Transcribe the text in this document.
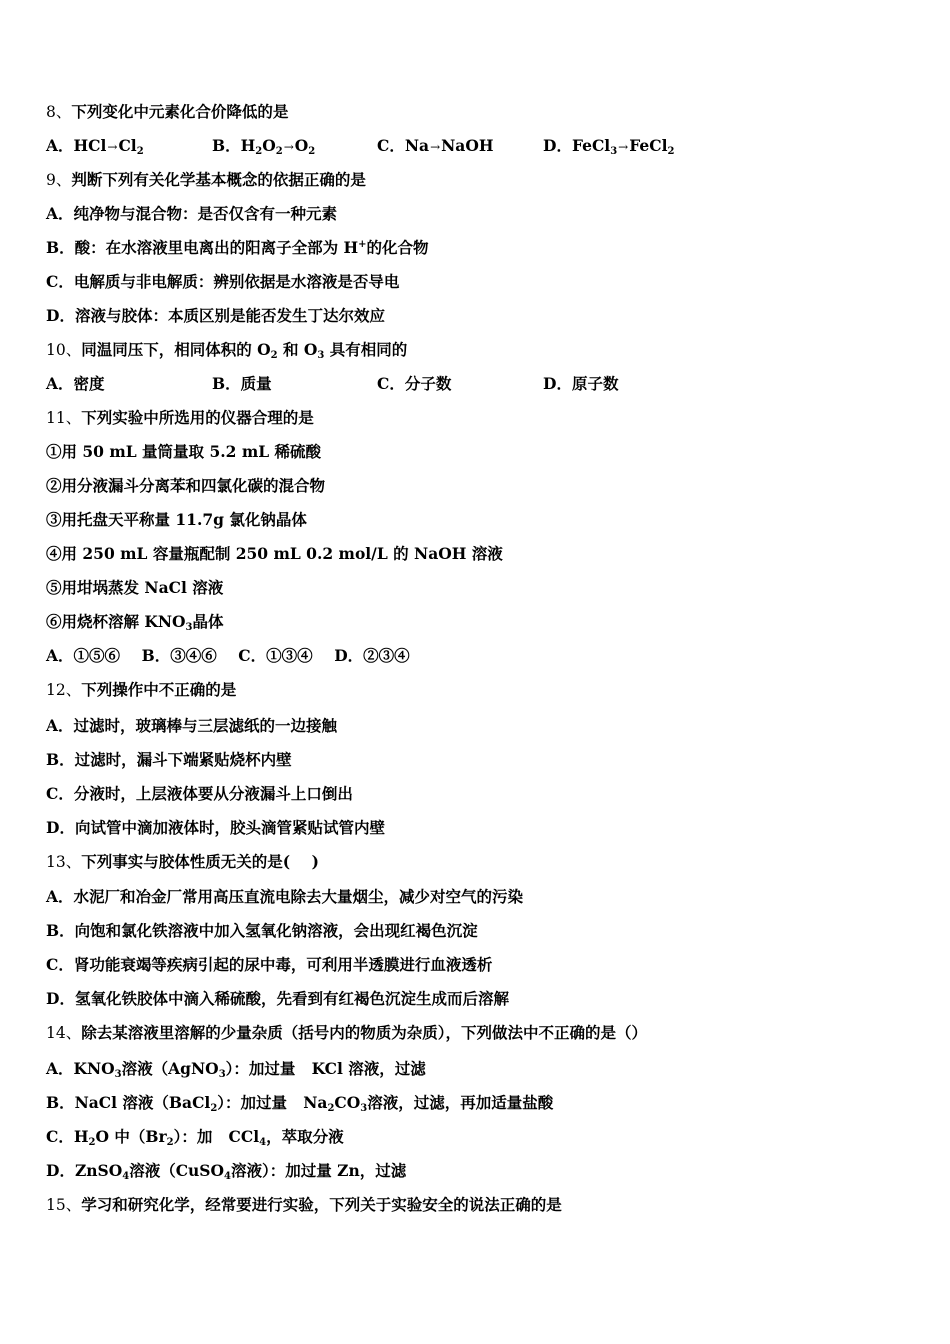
8、下列变化中元素化合价降低的是
A．$HCl\to Cl_2$	B．$H_2O_2\to O_2$	C．Na→NaOH	D．FeCl$_3$→FeCl$_2$
9、判断下列有关化学基本概念的依据正确的是
A．纯净物与混合物：是否仅含有一种元素
B．酸：在水溶液里电离出的阳离子全部为 H+的化合物
C．电解质与非电解质：辨别依据是水溶液是否导电
D．溶液与胶体：本质区别是能否发生丁达尔效应
10、同温同压下，相同体积的 $O_2$ 和 $O_3$ 具有相同的
A．密度	B．质量	C．分子数	D．原子数
11、下列实验中所选用的仪器合理的是
①用 50 mL 量筒量取 5.2 mL 稀硫酸
②用分液漏斗分离苯和四氯化碳的混合物
③用托盘天平称量 11.7g 氯化钠晶体
④用 250 mL 容量瓶配制 250 mL 0.2 mol/L 的 NaOH 溶液
⑤用坩埚蒸发 NaCl 溶液
⑥用烧杯溶解 $KNO_3$晶体
A．①⑤⑥    B．③④⑥    C．①③④    D．②③④
12、下列操作中不正确的是
A．过滤时，玻璃棒与三层滤纸的一边接触
B．过滤时，漏斗下端紧贴烧杯内壁
C．分液时，上层液体要从分液漏斗上口倒出
D．向试管中滴加液体时，胶头滴管紧贴试管内壁
13、下列事实与胶体性质无关的是(    )
A．水泥厂和冶金厂常用高压直流电除去大量烟尘，减少对空气的污染
B．向饱和氯化铁溶液中加入氢氧化钠溶液，会出现红褐色沉淀
C．肾功能衰竭等疾病引起的尿中毒，可利用半透膜进行血液透析
D．氢氧化铁胶体中滴入稀硫酸，先看到有红褐色沉淀生成而后溶解
14、除去某溶液里溶解的少量杂质（括号内的物质为杂质），下列做法中不正确的是（）
A．$KNO_3$溶液（AgNO$_3$）：加过量   KCl 溶液，过滤
B．NaCl 溶液（BaCl$_2$）：加过量   $Na_2CO_3$溶液，过滤，再加适量盐酸
C．$H_2O$ 中$(Br_2)$：加   CCl$_4$，萃取分液
D．ZnSO$_4$溶液（CuSO$_4$溶液）：加过量 Zn，过滤
15、学习和研究化学，经常要进行实验，下列关于实验安全的说法正确的是
